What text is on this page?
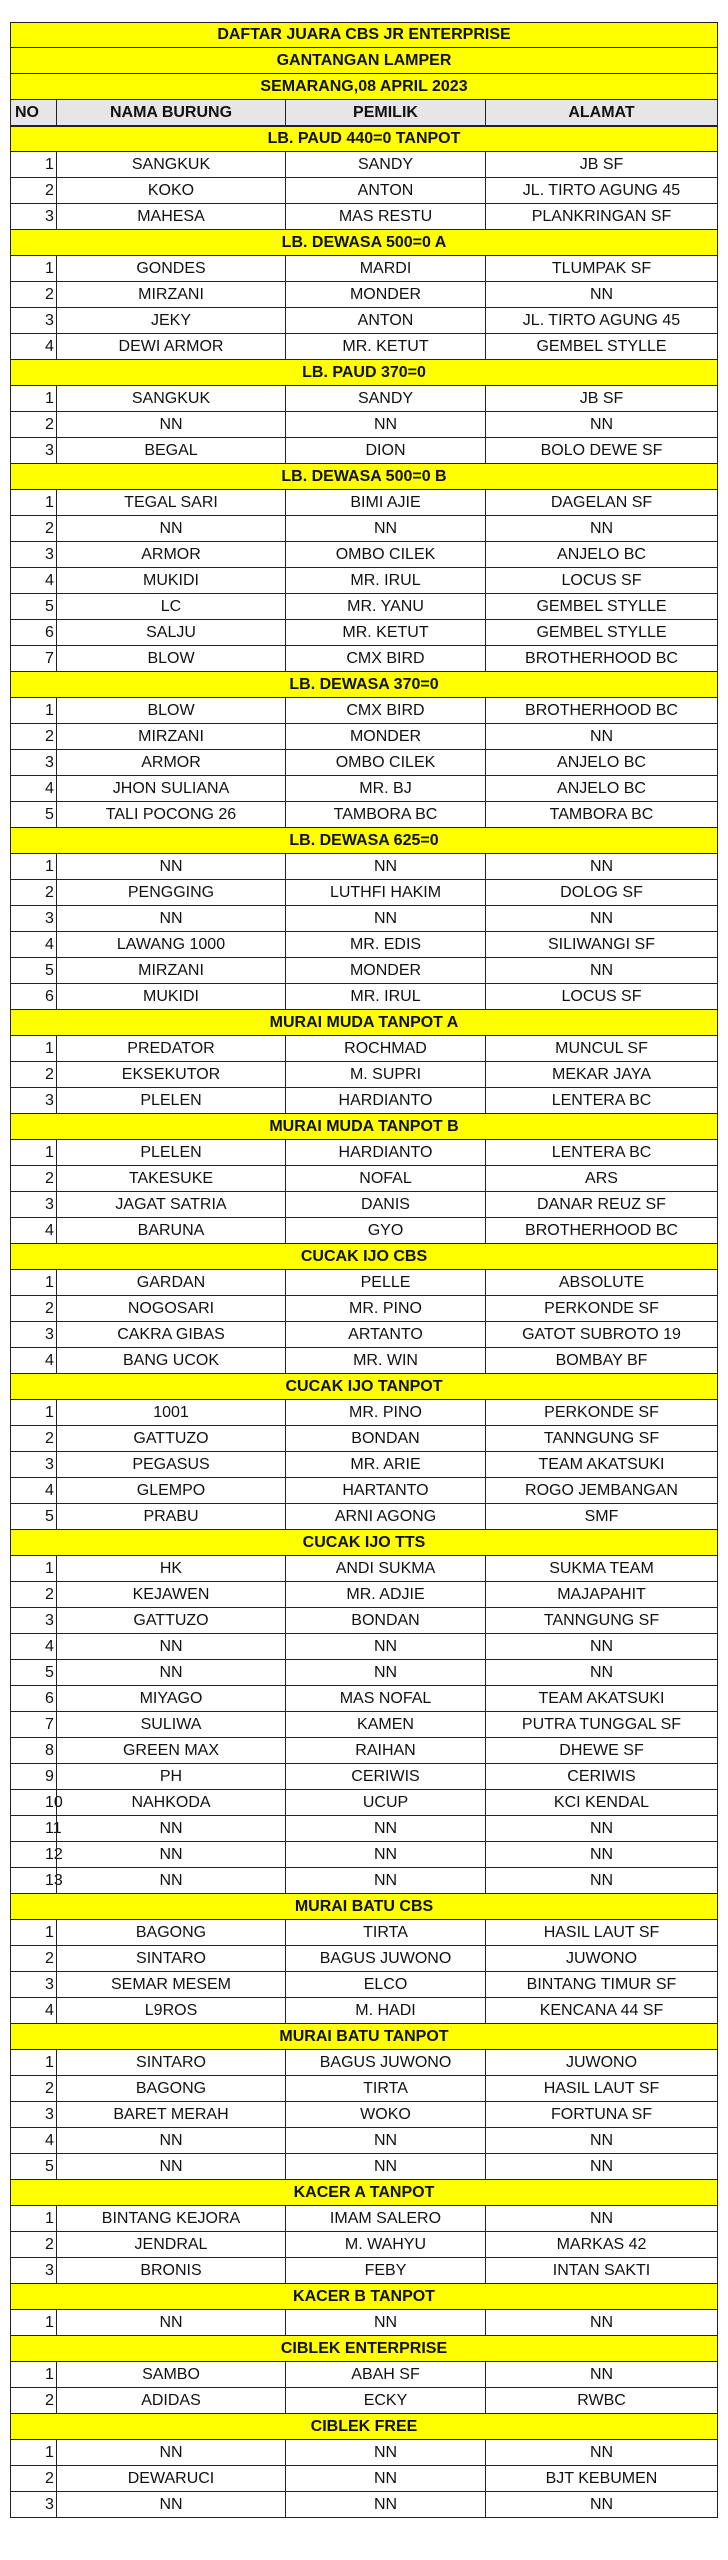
DAFTAR JUARA CBS JR ENTERPRISE
GANTANGAN LAMPER
SEMARANG,08 APRIL 2023
NO	NAMA BURUNG	PEMILIK	ALAMAT
LB. PAUD 440=0 TANPOT
1	SANGKUK	SANDY	JB SF
2	KOKO	ANTON	JL. TIRTO AGUNG 45
3	MAHESA	MAS RESTU	PLANKRINGAN SF
LB. DEWASA 500=0 A
1	GONDES	MARDI	TLUMPAK SF
2	MIRZANI	MONDER	NN
3	JEKY	ANTON	JL. TIRTO AGUNG 45
4	DEWI ARMOR	MR. KETUT	GEMBEL STYLLE
LB. PAUD 370=0
1	SANGKUK	SANDY	JB SF
2	NN	NN	NN
3	BEGAL	DION	BOLO DEWE SF
LB. DEWASA 500=0 B
1	TEGAL SARI	BIMI AJIE	DAGELAN SF
2	NN	NN	NN
3	ARMOR	OMBO CILEK	ANJELO BC
4	MUKIDI	MR. IRUL	LOCUS SF
5	LC	MR. YANU	GEMBEL STYLLE
6	SALJU	MR. KETUT	GEMBEL STYLLE
7	BLOW	CMX BIRD	BROTHERHOOD BC
LB. DEWASA 370=0
1	BLOW	CMX BIRD	BROTHERHOOD BC
2	MIRZANI	MONDER	NN
3	ARMOR	OMBO CILEK	ANJELO BC
4	JHON SULIANA	MR. BJ	ANJELO BC
5	TALI POCONG 26	TAMBORA BC	TAMBORA BC
LB. DEWASA 625=0
1	NN	NN	NN
2	PENGGING	LUTHFI HAKIM	DOLOG SF
3	NN	NN	NN
4	LAWANG 1000	MR. EDIS	SILIWANGI SF
5	MIRZANI	MONDER	NN
6	MUKIDI	MR. IRUL	LOCUS SF
MURAI MUDA TANPOT A
1	PREDATOR	ROCHMAD	MUNCUL SF
2	EKSEKUTOR	M. SUPRI	MEKAR JAYA
3	PLELEN	HARDIANTO	LENTERA BC
MURAI MUDA TANPOT B
1	PLELEN	HARDIANTO	LENTERA BC
2	TAKESUKE	NOFAL	ARS
3	JAGAT SATRIA	DANIS	DANAR REUZ SF
4	BARUNA	GYO	BROTHERHOOD BC
CUCAK IJO CBS
1	GARDAN	PELLE	ABSOLUTE
2	NOGOSARI	MR. PINO	PERKONDE SF
3	CAKRA GIBAS	ARTANTO	GATOT SUBROTO 19
4	BANG UCOK	MR. WIN	BOMBAY BF
CUCAK IJO TANPOT
1	1001	MR. PINO	PERKONDE SF
2	GATTUZO	BONDAN	TANNGUNG SF
3	PEGASUS	MR. ARIE	TEAM AKATSUKI
4	GLEMPO	HARTANTO	ROGO JEMBANGAN
5	PRABU	ARNI AGONG	SMF
CUCAK IJO TTS
1	HK	ANDI SUKMA	SUKMA TEAM
2	KEJAWEN	MR. ADJIE	MAJAPAHIT
3	GATTUZO	BONDAN	TANNGUNG SF
4	NN	NN	NN
5	NN	NN	NN
6	MIYAGO	MAS NOFAL	TEAM AKATSUKI
7	SULIWA	KAMEN	PUTRA TUNGGAL SF
8	GREEN MAX	RAIHAN	DHEWE SF
9	PH	CERIWIS	CERIWIS
10	NAHKODA	UCUP	KCI KENDAL
11	NN	NN	NN
12	NN	NN	NN
13	NN	NN	NN
MURAI BATU CBS
1	BAGONG	TIRTA	HASIL LAUT SF
2	SINTARO	BAGUS JUWONO	JUWONO
3	SEMAR MESEM	ELCO	BINTANG TIMUR SF
4	L9ROS	M. HADI	KENCANA 44 SF
MURAI BATU TANPOT
1	SINTARO	BAGUS JUWONO	JUWONO
2	BAGONG	TIRTA	HASIL LAUT SF
3	BARET MERAH	WOKO	FORTUNA SF
4	NN	NN	NN
5	NN	NN	NN
KACER A TANPOT
1	BINTANG KEJORA	IMAM SALERO	NN
2	JENDRAL	M. WAHYU	MARKAS 42
3	BRONIS	FEBY	INTAN SAKTI
KACER B TANPOT
1	NN	NN	NN
CIBLEK ENTERPRISE
1	SAMBO	ABAH SF	NN
2	ADIDAS	ECKY	RWBC
CIBLEK FREE
1	NN	NN	NN
2	DEWARUCI	NN	BJT KEBUMEN
3	NN	NN	NN
